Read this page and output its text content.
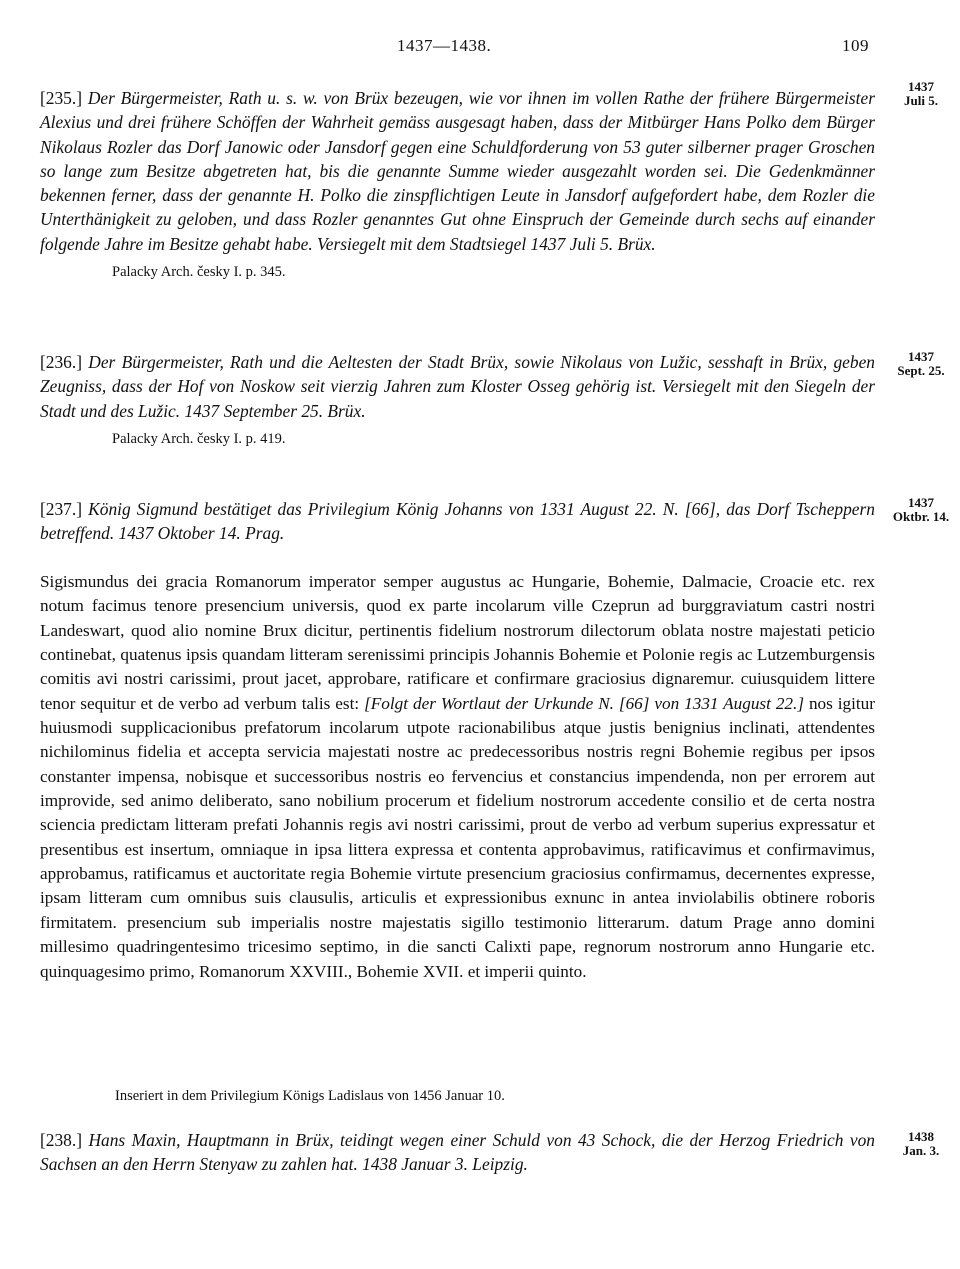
1437—1438.	109

[235.] Der Bürgermeister, Rath u. s. w. von Brüx bezeugen, wie vor ihnen im vollen Rathe der frühere Bürgermeister Alexius und drei frühere Schöffen der Wahrheit gemäss ausgesagt haben, dass der Mitbürger Hans Polko dem Bürger Nikolaus Rozler das Dorf Janowic oder Jansdorf gegen eine Schuldforderung von 53 guter silberner prager Groschen so lange zum Besitze abgetreten hat, bis die genannte Summe wieder ausgezahlt worden sei. Die Gedenkmänner bekennen ferner, dass der genannte H. Polko die zinspflichtigen Leute in Jansdorf aufgefordert habe, dem Rozler die Unterthänigkeit zu geloben, und dass Rozler genanntes Gut ohne Einspruch der Gemeinde durch sechs auf einander folgende Jahre im Besitze gehabt habe. Versiegelt mit dem Stadtsiegel 1437 Juli 5. Brüx.

Palacky Arch. česky I. p. 345.
1437
Juli 5.

[236.] Der Bürgermeister, Rath und die Aeltesten der Stadt Brüx, sowie Nikolaus von Lužic, sesshaft in Brüx, geben Zeugniss, dass der Hof von Noskow seit vierzig Jahren zum Kloster Osseg gehörig ist. Versiegelt mit den Siegeln der Stadt und des Lužic. 1437 September 25. Brüx.

Palacky Arch. česky I. p. 419.
1437
Sept. 25.

[237.] König Sigmund bestätiget das Privilegium König Johanns von 1331 August 22. N. [66], das Dorf Tscheppern betreffend. 1437 Oktober 14. Prag.

1437
Oktbr. 14.

Sigismundus dei gracia Romanorum imperator semper augustus ac Hungarie, Bohemie, Dalmacie, Croacie etc. rex notum facimus tenore presencium universis, quod ex parte incolarum ville Czeprun ad burggraviatum castri nostri Landeswart, quod alio nomine Brux dicitur, pertinentis fidelium nostrorum dilectorum oblata nostre majestati peticio continebat, quatenus ipsis quandam litteram serenissimi principis Johannis Bohemie et Polonie regis ac Lutzemburgensis comitis avi nostri carissimi, prout jacet, approbare, ratificare et confirmare graciosius dignaremur. cuiusquidem littere tenor sequitur et de verbo ad verbum talis est: [Folgt der Wortlaut der Urkunde N. [66] von 1331 August 22.] nos igitur huiusmodi supplicacionibus prefatorum incolarum utpote racionabilibus atque justis benignius inclinati, attendentes nichilominus fidelia et accepta servicia majestati nostre ac predecessoribus nostris regni Bohemie regibus per ipsos constanter impensa, nobisque et successoribus nostris eo fervencius et constancius impendenda, non per errorem aut improvide, sed animo deliberato, sano nobilium procerum et fidelium nostrorum accedente consilio et de certa nostra sciencia predictam litteram prefati Johannis regis avi nostri carissimi, prout de verbo ad verbum superius expressatur et presentibus est insertum, omniaque in ipsa littera expressa et contenta approbavimus, ratificavimus et confirmavimus, approbamus, ratificamus et auctoritate regia Bohemie virtute presencium graciosius confirmamus, decernentes expresse, ipsam litteram cum omnibus suis clausulis, articulis et expressionibus exnunc in antea inviolabilis obtinere roboris firmitatem. presencium sub imperialis nostre majestatis sigillo testimonio litterarum. datum Prage anno domini millesimo quadringentesimo tricesimo septimo, in die sancti Calixti pape, regnorum nostrorum anno Hungarie etc. quinquagesimo primo, Romanorum XXVIII., Bohemie XVII. et imperii quinto.

Inseriert in dem Privilegium Königs Ladislaus von 1456 Januar 10.

[238.] Hans Maxin, Hauptmann in Brüx, teidingt wegen einer Schuld von 43 Schock, die der Herzog Friedrich von Sachsen an den Herrn Stenyaw zu zahlen hat. 1438 Januar 3. Leipzig.

1438
Jan. 3.
